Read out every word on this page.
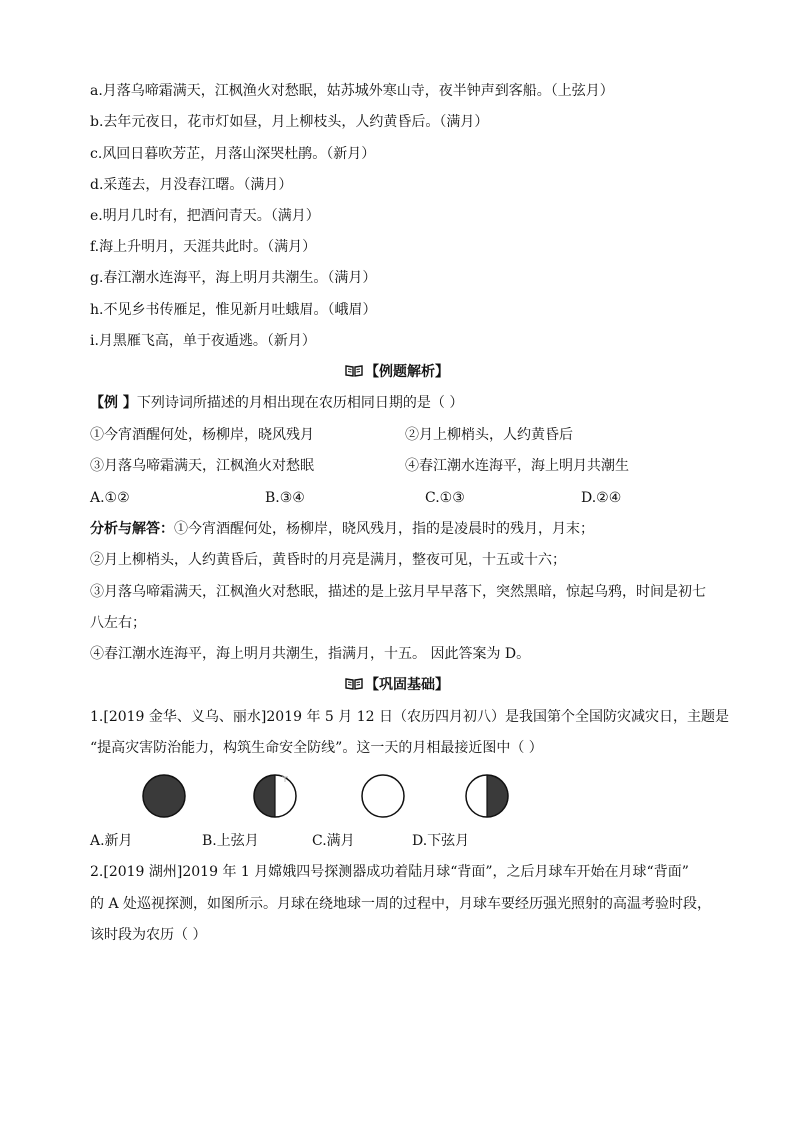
a.月落乌啼霜满天，江枫渔火对愁眠，姑苏城外寒山寺，夜半钟声到客船。（上弦月）
b.去年元夜日，花市灯如昼，月上柳枝头，人约黄昏后。（满月）
c.风回日暮吹芳芷，月落山深哭杜鹃。（新月）
d.采莲去，月没春江曙。（满月）
e.明月几时有，把酒问青天。（满月）
f.海上升明月，天涯共此时。（满月）
g.春江潮水连海平，海上明月共潮生。（满月）
h.不见乡书传雁足，惟见新月吐蛾眉。（峨眉）
i.月黑雁飞高，单于夜遁逃。（新月）
【例题解析】
【例 】下列诗词所描述的月相出现在农历相同日期的是（ ）
①今宵酒醒何处，杨柳岸，晓风残月	②月上柳梢头，人约黄昏后
③月落乌啼霜满天，江枫渔火对愁眠	④春江潮水连海平，海上明月共潮生
A.①②	B.③④	C.①③	D.②④
分析与解答：①今宵酒醒何处，杨柳岸，晓风残月，指的是凌晨时的残月，月末；
②月上柳梢头，人约黄昏后，黄昏时的月亮是满月，整夜可见，十五或十六；
③月落乌啼霜满天，江枫渔火对愁眠，描述的是上弦月早早落下，突然黑暗，惊起乌鸦，时间是初七
八左右；
④春江潮水连海平，海上明月共潮生，指满月，十五。 因此答案为 D。
【巩固基础】
1.[2019 金华、义乌、丽水]2019 年 5 月 12 日（农历四月初八）是我国第个全国防灾减灾日，主题是
“提高灾害防治能力，构筑生命安全防线”。这一天的月相最接近图中（ ）
A.新月	B.上弦月	C.满月	D.下弦月
2.[2019 湖州]2019 年 1 月嫦娥四号探测器成功着陆月球“背面”，之后月球车开始在月球“背面”
的 A 处巡视探测，如图所示。月球在绕地球一周的过程中，月球车要经历强光照射的高温考验时段，
该时段为农历（ ）
